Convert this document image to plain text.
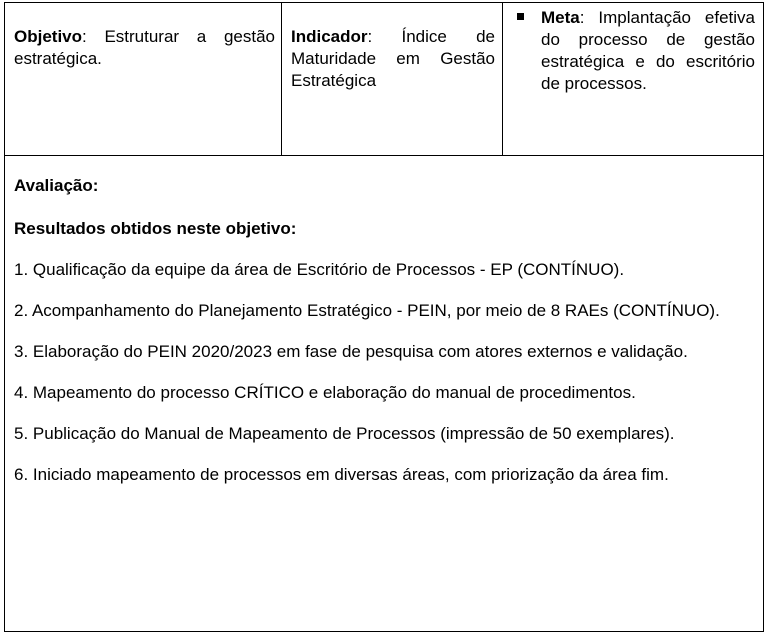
Objetivo: Estruturar a gestão estratégica.
Indicador: Índice de Maturidade em Gestão Estratégica
Meta: Implantação efetiva do processo de gestão estratégica e do escritório de processos.

Avaliação:

Resultados obtidos neste objetivo:

1. Qualificação da equipe da área de Escritório de Processos - EP (CONTÍNUO).

2. Acompanhamento do Planejamento Estratégico - PEIN, por meio de 8 RAEs (CONTÍNUO).

3. Elaboração do PEIN 2020/2023 em fase de pesquisa com atores externos e validação.

4. Mapeamento do processo CRÍTICO e elaboração do manual de procedimentos.

5. Publicação do Manual de Mapeamento de Processos (impressão de 50 exemplares).

6. Iniciado mapeamento de processos em diversas áreas, com priorização da área fim.
